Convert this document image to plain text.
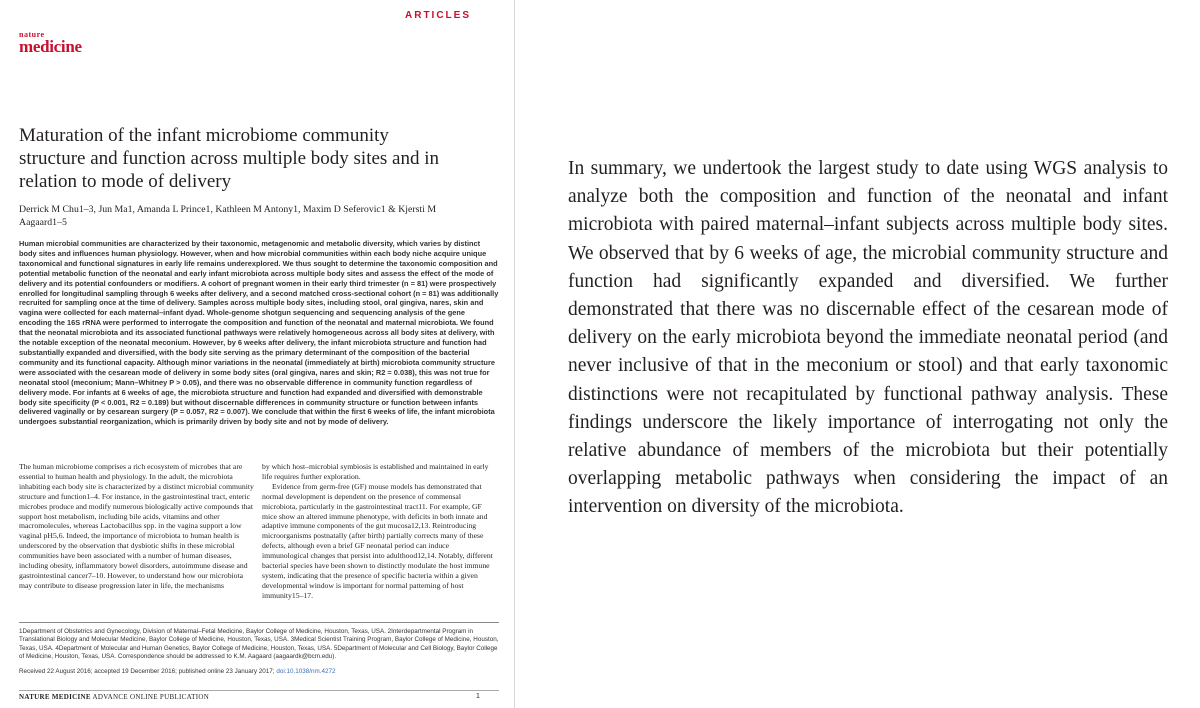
ARTICLES
nature
medicine
Maturation of the infant microbiome community structure and function across multiple body sites and in relation to mode of delivery
Derrick M Chu1–3, Jun Ma1, Amanda L Prince1, Kathleen M Antony1, Maxim D Seferovic1 & Kjersti M Aagaard1–5
Human microbial communities are characterized by their taxonomic, metagenomic and metabolic diversity, which varies by distinct body sites and influences human physiology. However, when and how microbial communities within each body niche acquire unique taxonomical and functional signatures in early life remains underexplored. We thus sought to determine the taxonomic composition and potential metabolic function of the neonatal and early infant microbiota across multiple body sites and assess the effect of the mode of delivery and its potential confounders or modifiers. A cohort of pregnant women in their early third trimester (n = 81) were prospectively enrolled for longitudinal sampling through 6 weeks after delivery, and a second matched cross-sectional cohort (n = 81) was additionally recruited for sampling once at the time of delivery. Samples across multiple body sites, including stool, oral gingiva, nares, skin and vagina were collected for each maternal–infant dyad. Whole-genome shotgun sequencing and sequencing analysis of the gene encoding the 16S rRNA were performed to interrogate the composition and function of the neonatal and maternal microbiota. We found that the neonatal microbiota and its associated functional pathways were relatively homogeneous across all body sites at delivery, with the notable exception of the neonatal meconium. However, by 6 weeks after delivery, the infant microbiota structure and function had substantially expanded and diversified, with the body site serving as the primary determinant of the composition of the bacterial community and its functional capacity. Although minor variations in the neonatal (immediately at birth) microbiota community structure were associated with the cesarean mode of delivery in some body sites (oral gingiva, nares and skin; R2 = 0.038), this was not true for neonatal stool (meconium; Mann–Whitney P > 0.05), and there was no observable difference in community function regardless of delivery mode. For infants at 6 weeks of age, the microbiota structure and function had expanded and diversified with demonstrable body site specificity (P < 0.001, R2 = 0.189) but without discernable differences in community structure or function between infants delivered vaginally or by cesarean surgery (P = 0.057, R2 = 0.007). We conclude that within the first 6 weeks of life, the infant microbiota undergoes substantial reorganization, which is primarily driven by body site and not by mode of delivery.

The human microbiome comprises a rich ecosystem of microbes that are essential to human health and physiology. In the adult, the microbiota inhabiting each body site is characterized by a distinct microbial community structure and function1–4. For instance, in the gastrointestinal tract, enteric microbes produce and modify numerous biologically active compounds that support host metabolism, including bile acids, vitamins and other macromolecules, whereas Lactobacillus spp. in the vagina support a low vaginal pH5,6. Indeed, the importance of microbiota to human health is underscored by the observation that dysbiotic shifts in these microbial communities have been associated with a number of human diseases, including obesity, inflammatory bowel disorders, autoimmune disease and gastrointestinal cancer7–10. However, to understand how our microbiota may contribute to disease progression later in life, the mechanisms

by which host–microbial symbiosis is established and maintained in early life requires further exploration.

Evidence from germ-free (GF) mouse models has demonstrated that normal development is dependent on the presence of commensal microbiota, particularly in the gastrointestinal tract11. For example, GF mice show an altered immune phenotype, with deficits in both innate and adaptive immune components of the gut mucosa12,13. Reintroducing microorganisms postnatally (after birth) partially corrects many of these defects, although even a brief GF neonatal period can induce immunological changes that persist into adulthood12,14. Notably, different bacterial species have been shown to distinctly modulate the host immune system, indicating that the presence of specific bacteria within a given developmental window is important for normal patterning of host immunity15–17.

1Department of Obstetrics and Gynecology, Division of Maternal–Fetal Medicine, Baylor College of Medicine, Houston, Texas, USA. 2Interdepartmental Program in Translational Biology and Molecular Medicine, Baylor College of Medicine, Houston, Texas, USA. 3Medical Scientist Training Program, Baylor College of Medicine, Houston, Texas, USA. 4Department of Molecular and Human Genetics, Baylor College of Medicine, Houston, Texas, USA. 5Department of Molecular and Cell Biology, Baylor College of Medicine, Houston, Texas, USA. Correspondence should be addressed to K.M. Aagaard (aagaardk@bcm.edu).
Received 22 August 2016; accepted 19 December 2016; published online 23 January 2017; doi:10.1038/nm.4272
NATURE MEDICINE ADVANCE ONLINE PUBLICATION	1
In summary, we undertook the largest study to date using WGS analysis to analyze both the composition and function of the neonatal and infant microbiota with paired maternal–infant subjects across multiple body sites. We observed that by 6 weeks of age, the microbial community structure and function had significantly expanded and diversified. We further demonstrated that there was no discernable effect of the cesarean mode of delivery on the early microbiota beyond the immediate neonatal period (and never inclusive of that in the meconium or stool) and that early taxonomic distinctions were not recapitulated by functional pathway analysis. These findings underscore the likely importance of interrogating not only the relative abundance of members of the microbiota but their potentially overlapping metabolic pathways when considering the impact of an intervention on diversity of the microbiota.
